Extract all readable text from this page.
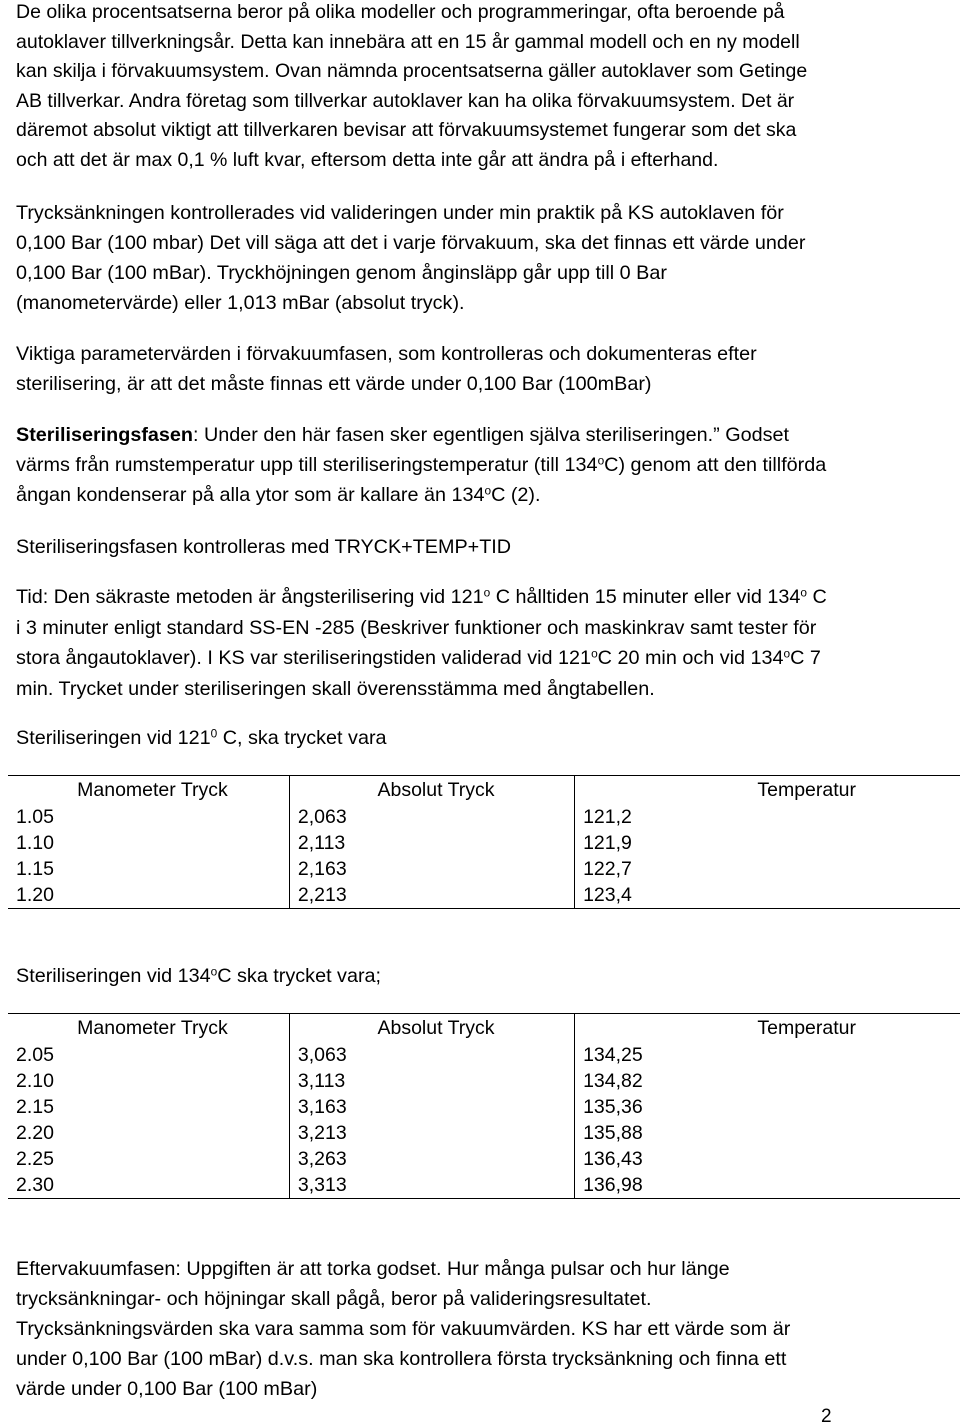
De olika procentsatserna beror på olika modeller och programmeringar, ofta beroende på
autoklaver tillverkningsår. Detta kan innebära att en 15 år gammal modell och en ny modell
kan skilja i förvakuumsystem. Ovan nämnda procentsatserna gäller autoklaver som Getinge
AB tillverkar. Andra företag som tillverkar autoklaver kan ha olika förvakuumsystem. Det är
däremot absolut viktigt att tillverkaren bevisar att förvakuumsystemet fungerar som det ska
och att det är max 0,1 % luft kvar, eftersom detta inte går att ändra på i efterhand.

Trycksänkningen kontrollerades vid valideringen under min praktik på KS autoklaven för
0,100 Bar (100 mbar) Det vill säga att det i varje förvakuum, ska det finnas ett värde under
0,100 Bar (100 mBar). Tryckhöjningen genom ånginsläpp går upp till 0 Bar
(manometervärde) eller 1,013 mBar (absolut tryck).

Viktiga parametervärden i förvakuumfasen, som kontrolleras och dokumenteras efter
sterilisering, är att det måste finnas ett värde under 0,100 Bar (100mBar)

Steriliseringsfasen: Under den här fasen sker egentligen själva steriliseringen.” Godset
värms från rumstemperatur upp till steriliseringstemperatur (till 134$^o$C) genom att den tillförda
ångan kondenserar på alla ytor som är kallare än 134$^o$C (2).

Steriliseringsfasen kontrolleras med TRYCK+TEMP+TID

Tid: Den säkraste metoden är ångsterilisering vid 121$^o$ C hålltiden 15 minuter eller vid 134$^o$ C
i 3 minuter enligt standard SS-EN -285 (Beskriver funktioner och maskinkrav samt tester för
stora ångautoklaver). I KS var steriliseringstiden validerad vid 121$^o$C 20 min och vid 134$^o$C 7
min. Trycket under steriliseringen skall överensstämma med ångtabellen.

Steriliseringen vid $121^0$ C, ska trycket vara

Manometer Tryck	Absolut Tryck	Temperatur
1.05	2,063	121,2
1.10	2,113	121,9
1.15	2,163	122,7
1.20	2,213	123,4

Steriliseringen vid 134$^o$C ska trycket vara;

Manometer Tryck	Absolut Tryck	Temperatur
2.05	3,063	134,25
2.10	3,113	134,82
2.15	3,163	135,36
2.20	3,213	135,88
2.25	3,263	136,43
2.30	3,313	136,98

Eftervakuumfasen: Uppgiften är att torka godset. Hur många pulsar och hur länge
trycksänkningar- och höjningar skall pågå, beror på valideringsresultatet.
Trycksänkningsvärden ska vara samma som för vakuumvärden. KS har ett värde som är
under 0,100 Bar (100 mBar) d.v.s. man ska kontrollera första trycksänkning och finna ett
värde under 0,100 Bar (100 mBar)

2
